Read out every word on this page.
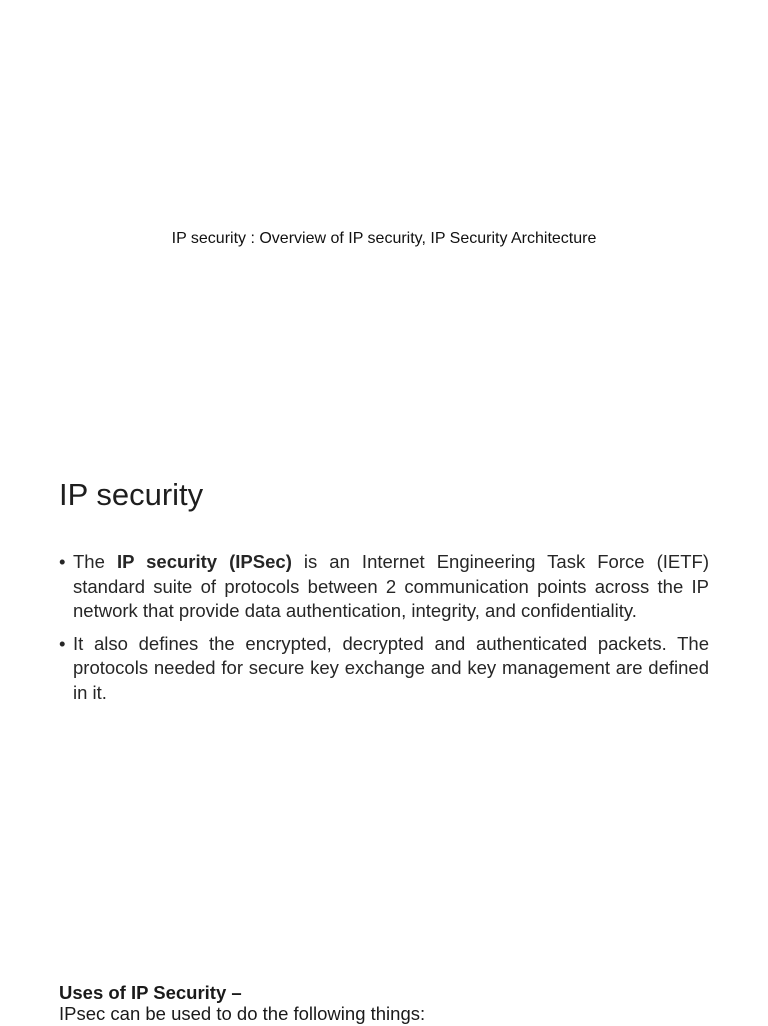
IP security : Overview of IP security, IP Security Architecture
IP security
• The IP security (IPSec) is an Internet Engineering Task Force (IETF) standard suite of protocols between 2 communication points across the IP network that provide data authentication, integrity, and confidentiality.
• It also defines the encrypted, decrypted and authenticated packets. The protocols needed for secure key exchange and key management are defined in it.
Uses of IP Security –
IPsec can be used to do the following things:
